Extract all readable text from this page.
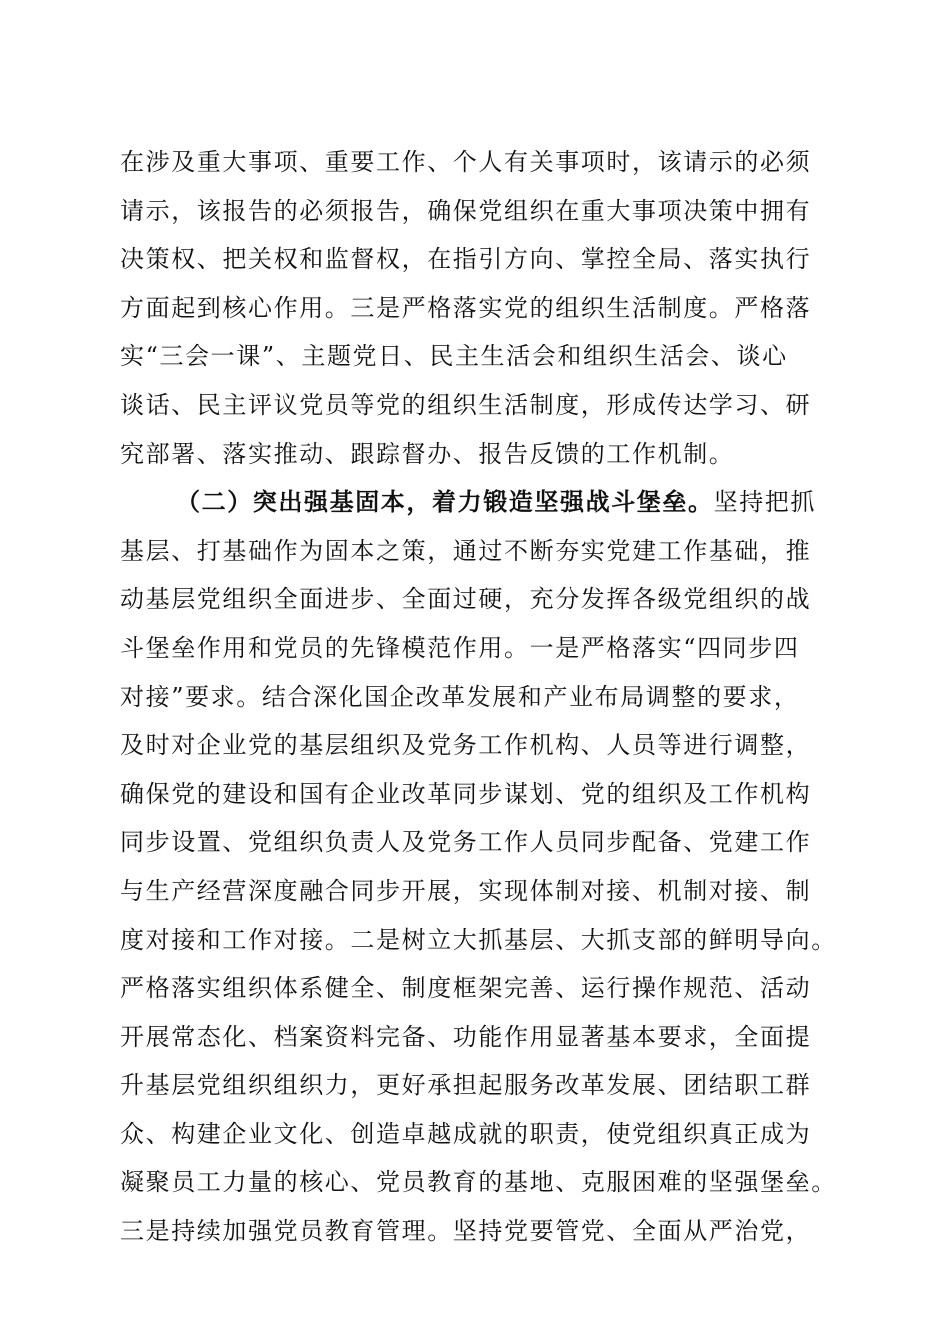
在涉及重大事项、重要工作、个人有关事项时，该请示的必须
请示，该报告的必须报告，确保党组织在重大事项决策中拥有
决策权、把关权和监督权，在指引方向、掌控全局、落实执行
方面起到核心作用。三是严格落实党的组织生活制度。严格落
实“三会一课”、主题党日、民主生活会和组织生活会、谈心
谈话、民主评议党员等党的组织生活制度，形成传达学习、研
究部署、落实推动、跟踪督办、报告反馈的工作机制。
（二）突出强基固本，着力锻造坚强战斗堡垒。坚持把抓
基层、打基础作为固本之策，通过不断夯实党建工作基础，推
动基层党组织全面进步、全面过硬，充分发挥各级党组织的战
斗堡垒作用和党员的先锋模范作用。一是严格落实“四同步四
对接”要求。结合深化国企改革发展和产业布局调整的要求，
及时对企业党的基层组织及党务工作机构、人员等进行调整，
确保党的建设和国有企业改革同步谋划、党的组织及工作机构
同步设置、党组织负责人及党务工作人员同步配备、党建工作
与生产经营深度融合同步开展，实现体制对接、机制对接、制
度对接和工作对接。二是树立大抓基层、大抓支部的鲜明导向。
严格落实组织体系健全、制度框架完善、运行操作规范、活动
开展常态化、档案资料完备、功能作用显著基本要求，全面提
升基层党组织组织力，更好承担起服务改革发展、团结职工群
众、构建企业文化、创造卓越成就的职责，使党组织真正成为
凝聚员工力量的核心、党员教育的基地、克服困难的坚强堡垒。
三是持续加强党员教育管理。坚持党要管党、全面从严治党，
